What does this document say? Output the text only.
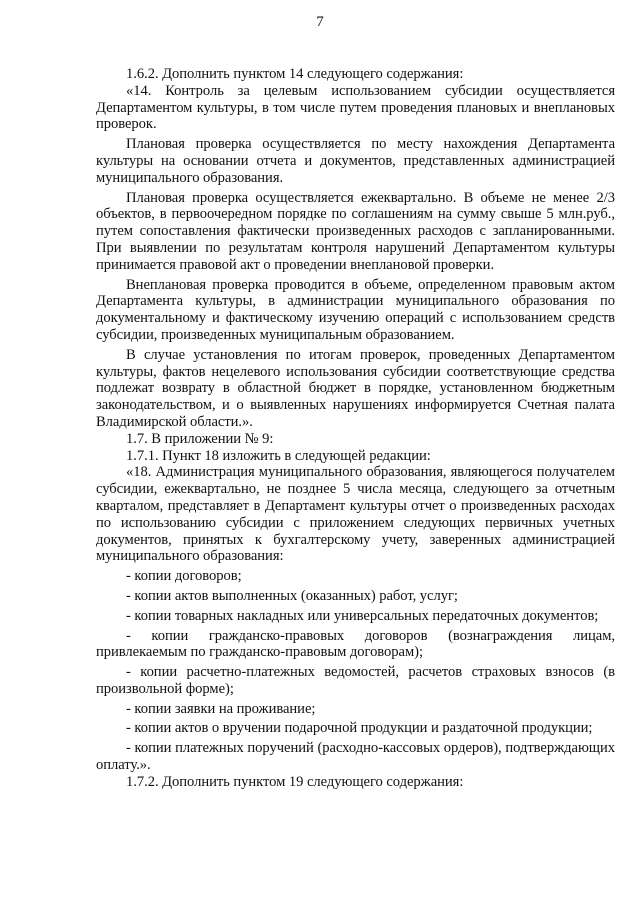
7

1.6.2. Дополнить пунктом 14 следующего содержания:

«14. Контроль за целевым использованием субсидии осуществляется Департаментом культуры, в том числе путем проведения плановых и внеплановых проверок.

Плановая проверка осуществляется по месту нахождения Департамента культуры на основании отчета и документов, представленных администрацией муниципального образования.

Плановая проверка осуществляется ежеквартально. В объеме не менее 2/3 объектов, в первоочередном порядке по соглашениям на сумму свыше 5 млн.руб., путем сопоставления фактически произведенных расходов с запланированными. При выявлении по результатам контроля нарушений Департаментом культуры принимается правовой акт о проведении внеплановой проверки.

Внеплановая проверка проводится в объеме, определенном правовым актом Департамента культуры, в администрации муниципального образования по документальному и фактическому изучению операций с использованием средств субсидии, произведенных муниципальным образованием.

В случае установления по итогам проверок, проведенных Департаментом культуры, фактов нецелевого использования субсидии соответствующие средства подлежат возврату в областной бюджет в порядке, установленном бюджетным законодательством, и о выявленных нарушениях информируется Счетная палата Владимирской области.».

1.7. В приложении № 9:

1.7.1. Пункт 18 изложить в следующей редакции:

«18. Администрация муниципального образования, являющегося получателем субсидии, ежеквартально, не позднее 5 числа месяца, следующего за отчетным кварталом, представляет в Департамент культуры отчет о произведенных расходах по использованию субсидии с приложением следующих первичных учетных документов, принятых к бухгалтерскому учету, заверенных администрацией муниципального образования:

- копии договоров;

- копии актов выполненных (оказанных) работ, услуг;

- копии товарных накладных или универсальных передаточных документов;

- копии гражданско-правовых договоров (вознаграждения лицам, привлекаемым по гражданско-правовым договорам);

- копии расчетно-платежных ведомостей, расчетов страховых взносов (в произвольной форме);

- копии заявки на проживание;

- копии актов о вручении подарочной продукции и раздаточной продукции;

- копии платежных поручений (расходно-кассовых ордеров), подтверждающих оплату.».

1.7.2. Дополнить пунктом 19 следующего содержания:
